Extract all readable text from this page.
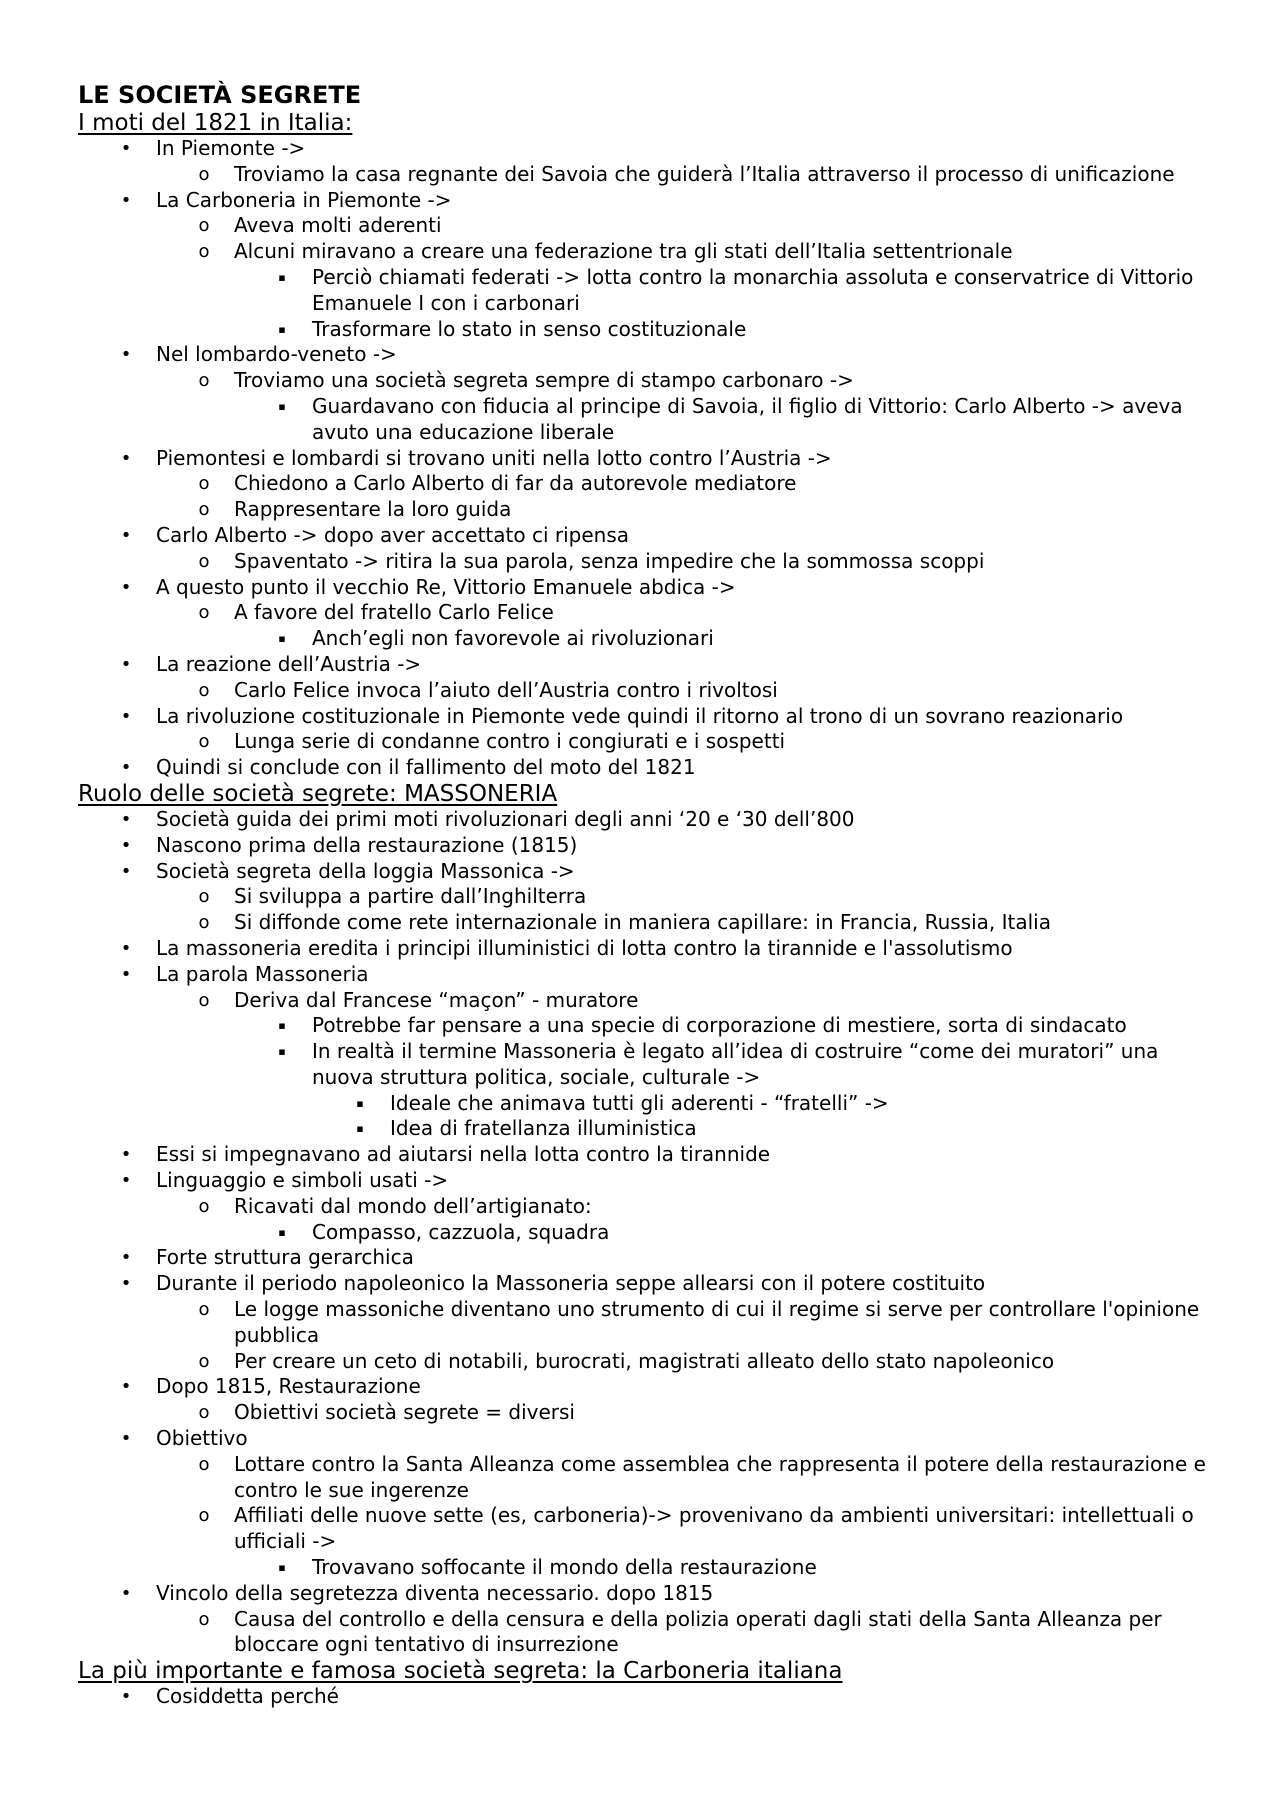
LE SOCIETÀ SEGRETE
I moti del 1821 in Italia:
• In Piemonte ->
o Troviamo la casa regnante dei Savoia che guiderà l’Italia attraverso il processo di unificazione
• La Carboneria in Piemonte ->
o Aveva molti aderenti
o Alcuni miravano a creare una federazione tra gli stati dell’Italia settentrionale
▪	Perciò chiamati federati -> lotta contro la monarchia assoluta e conservatrice di Vittorio Emanuele I con i carbonari
▪	Trasformare lo stato in senso costituzionale
• Nel lombardo-veneto ->
o Troviamo una società segreta sempre di stampo carbonaro ->
▪	Guardavano con fiducia al principe di Savoia, il figlio di Vittorio: Carlo Alberto -> aveva avuto una educazione liberale
• Piemontesi e lombardi si trovano uniti nella lotto contro l’Austria ->
o Chiedono a Carlo Alberto di far da autorevole mediatore
o Rappresentare la loro guida
• Carlo Alberto -> dopo aver accettato ci ripensa
o Spaventato -> ritira la sua parola, senza impedire che la sommossa scoppi
• A questo punto il vecchio Re, Vittorio Emanuele abdica ->
o A favore del fratello Carlo Felice
▪	Anch’egli non favorevole ai rivoluzionari
• La reazione dell’Austria ->
o Carlo Felice invoca l’aiuto dell’Austria contro i rivoltosi
• La rivoluzione costituzionale in Piemonte vede quindi il ritorno al trono di un sovrano reazionario
o Lunga serie di condanne contro i congiurati e i sospetti
• Quindi si conclude con il fallimento del moto del 1821
Ruolo delle società segrete: MASSONERIA
• Società guida dei primi moti rivoluzionari degli anni ‘20 e ‘30 dell’800
• Nascono prima della restaurazione (1815)
• Società segreta della loggia Massonica ->
o Si sviluppa a partire dall’Inghilterra
o Si diffonde come rete internazionale in maniera capillare: in Francia, Russia, Italia
• La massoneria eredita i principi illuministici di lotta contro la tirannide e l'assolutismo
• La parola Massoneria
o Deriva dal Francese “maçon” - muratore
▪	Potrebbe far pensare a una specie di corporazione di mestiere, sorta di sindacato
▪	In realtà il termine Massoneria è legato all’idea di costruire “come dei muratori” una nuova struttura politica, sociale, culturale ->
▪	Ideale che animava tutti gli aderenti - “fratelli” ->
▪	Idea di fratellanza illuministica
• Essi si impegnavano ad aiutarsi nella lotta contro la tirannide
• Linguaggio e simboli usati ->
o Ricavati dal mondo dell’artigianato:
▪	Compasso, cazzuola, squadra
• Forte struttura gerarchica
• Durante il periodo napoleonico la Massoneria seppe allearsi con il potere costituito
o Le logge massoniche diventano uno strumento di cui il regime si serve per controllare l'opinione pubblica
o Per creare un ceto di notabili, burocrati, magistrati alleato dello stato napoleonico
• Dopo 1815, Restaurazione
o Obiettivi società segrete = diversi
• Obiettivo
o Lottare contro la Santa Alleanza come assemblea che rappresenta il potere della restaurazione e contro le sue ingerenze
o Affiliati delle nuove sette (es, carboneria)-> provenivano da ambienti universitari: intellettuali o ufficiali ->
▪	Trovavano soffocante il mondo della restaurazione
• Vincolo della segretezza diventa necessario. dopo 1815
o Causa del controllo e della censura e della polizia operati dagli stati della Santa Alleanza per bloccare ogni tentativo di insurrezione
La più importante e famosa società segreta: la Carboneria italiana
• Cosiddetta perché
